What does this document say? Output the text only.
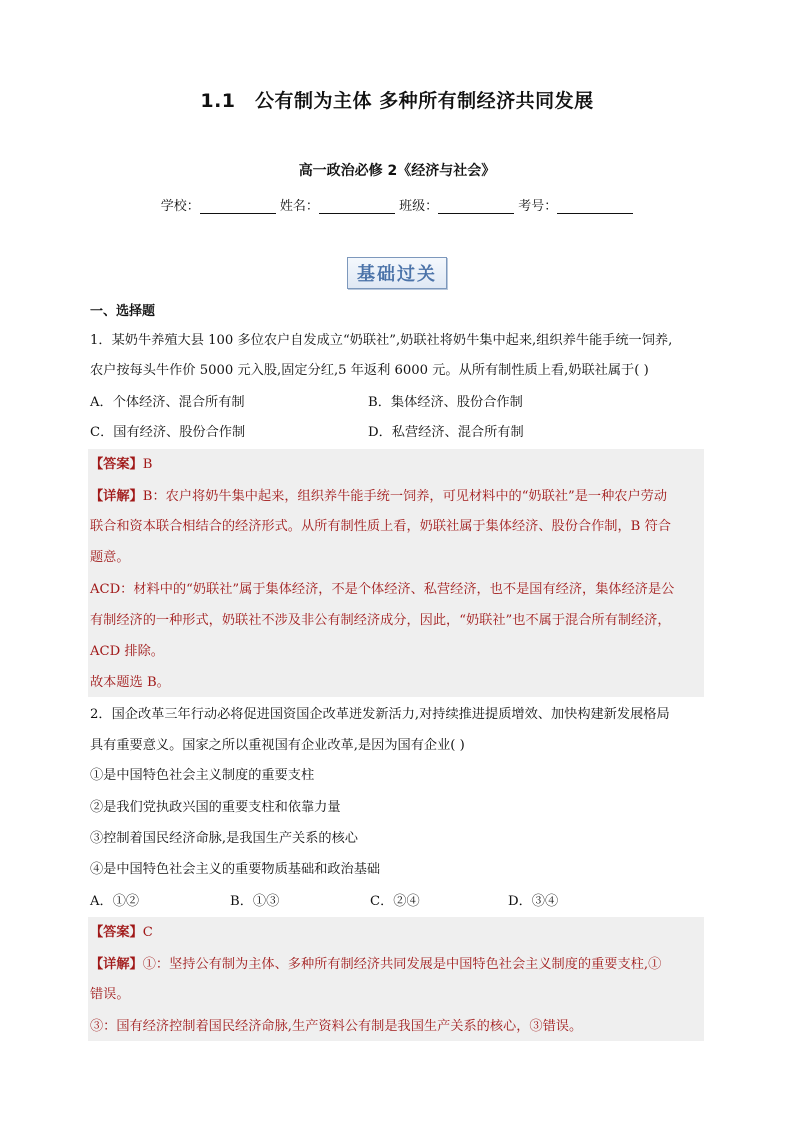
1.1　公有制为主体 多种所有制经济共同发展
高一政治必修 2《经济与社会》
学校：	姓名：	班级：	考号：
基础过关
一、选择题
1．某奶牛养殖大县 100 多位农户自发成立“奶联社”,奶联社将奶牛集中起来,组织养牛能手统一饲养,
农户按每头牛作价 5000 元入股,固定分红,5 年返利 6000 元。从所有制性质上看,奶联社属于( )
A．个体经济、混合所有制	B．集体经济、股份合作制
C．国有经济、股份合作制	D．私营经济、混合所有制
【答案】B
【详解】B：农户将奶牛集中起来，组织养牛能手统一饲养，可见材料中的“奶联社”是一种农户劳动
联合和资本联合相结合的经济形式。从所有制性质上看，奶联社属于集体经济、股份合作制，B 符合
题意。
ACD：材料中的“奶联社”属于集体经济，不是个体经济、私营经济，也不是国有经济，集体经济是公
有制经济的一种形式，奶联社不涉及非公有制经济成分，因此，“奶联社”也不属于混合所有制经济，
ACD 排除。
故本题选 B。
2．国企改革三年行动必将促进国资国企改革迸发新活力,对持续推进提质增效、加快构建新发展格局
具有重要意义。国家之所以重视国有企业改革,是因为国有企业( )
①是中国特色社会主义制度的重要支柱
②是我们党执政兴国的重要支柱和依靠力量
③控制着国民经济命脉,是我国生产关系的核心
④是中国特色社会主义的重要物质基础和政治基础
A．①②	B．①③	C．②④	D．③④
【答案】C
【详解】①：坚持公有制为主体、多种所有制经济共同发展是中国特色社会主义制度的重要支柱,①
错误。
③：国有经济控制着国民经济命脉,生产资料公有制是我国生产关系的核心，③错误。
